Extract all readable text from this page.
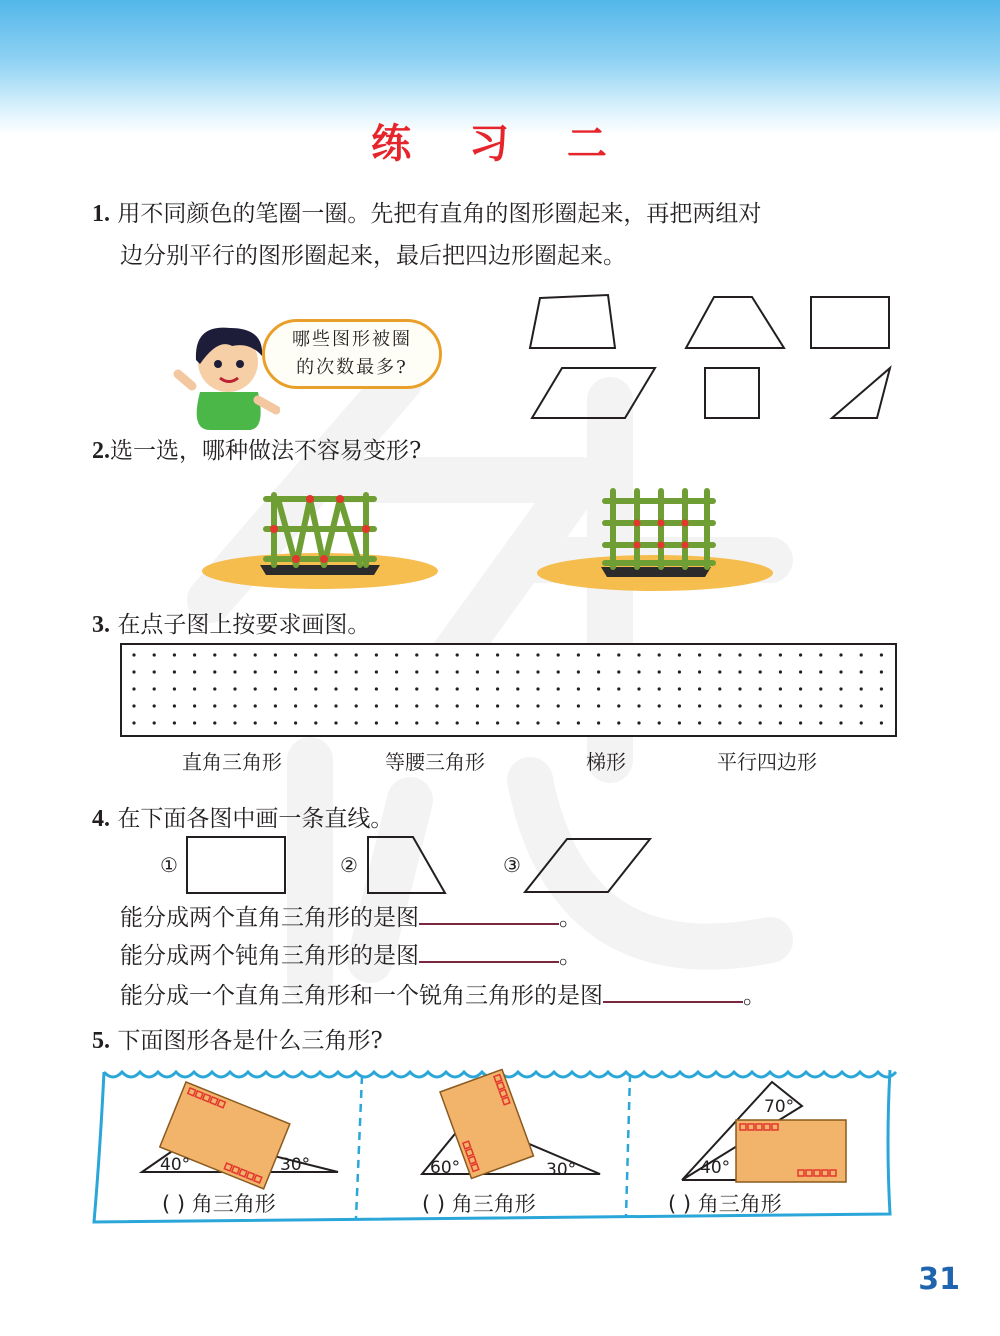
练 习 二
1. 用不同颜色的笔圈一圈。先把有直角的图形圈起来，再把两组对
边分别平行的图形圈起来，最后把四边形圈起来。
哪些图形被圈
的次数最多?
2.选一选，哪种做法不容易变形?
3. 在点子图上按要求画图。
直角三角形	等腰三角形	梯形	平行四边形
4. 在下面各图中画一条直线。
①	②	③
能分成两个直角三角形的是图	。
能分成两个钝角三角形的是图	。
能分成一个直角三角形和一个锐角三角形的是图	。
5. 下面图形各是什么三角形?
40°	30°	60°	30°
70°
40°
( ) 角三角形	( ) 角三角形	( ) 角三角形
31
